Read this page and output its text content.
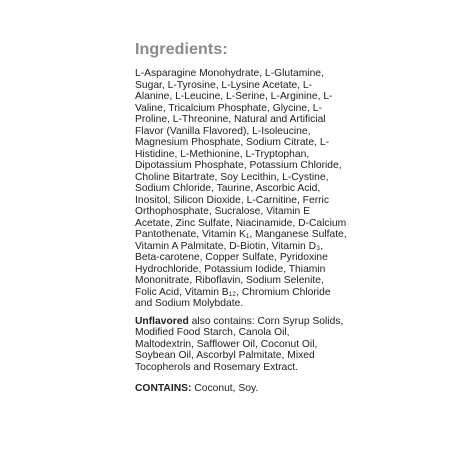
Ingredients:

L-Asparagine Monohydrate, L-Glutamine, Sugar, L-Tyrosine, L-Lysine Acetate, L-Alanine, L-Leucine, L-Serine, L-Arginine, L-Valine, Tricalcium Phosphate, Glycine, L-Proline, L-Threonine, Natural and Artificial Flavor (Vanilla Flavored), L-Isoleucine, Magnesium Phosphate, Sodium Citrate, L-Histidine, L-Methionine, L-Tryptophan, Dipotassium Phosphate, Potassium Chloride, Choline Bitartrate, Soy Lecithin, L-Cystine, Sodium Chloride, Taurine, Ascorbic Acid, Inositol, Silicon Dioxide, L-Carnitine, Ferric Orthophosphate, Sucralose, Vitamin E Acetate, Zinc Sulfate, Niacinamide, D-Calcium Pantothenate, Vitamin K₁, Manganese Sulfate, Vitamin A Palmitate, D-Biotin, Vitamin D₃, Beta-carotene, Copper Sulfate, Pyridoxine Hydrochloride, Potassium Iodide, Thiamin Mononitrate, Riboflavin, Sodium Selenite, Folic Acid, Vitamin B₁₂, Chromium Chloride and Sodium Molybdate.

Unflavored also contains: Corn Syrup Solids, Modified Food Starch, Canola Oil, Maltodextrin, Safflower Oil, Coconut Oil, Soybean Oil, Ascorbyl Palmitate, Mixed Tocopherols and Rosemary Extract.

CONTAINS: Coconut, Soy.
